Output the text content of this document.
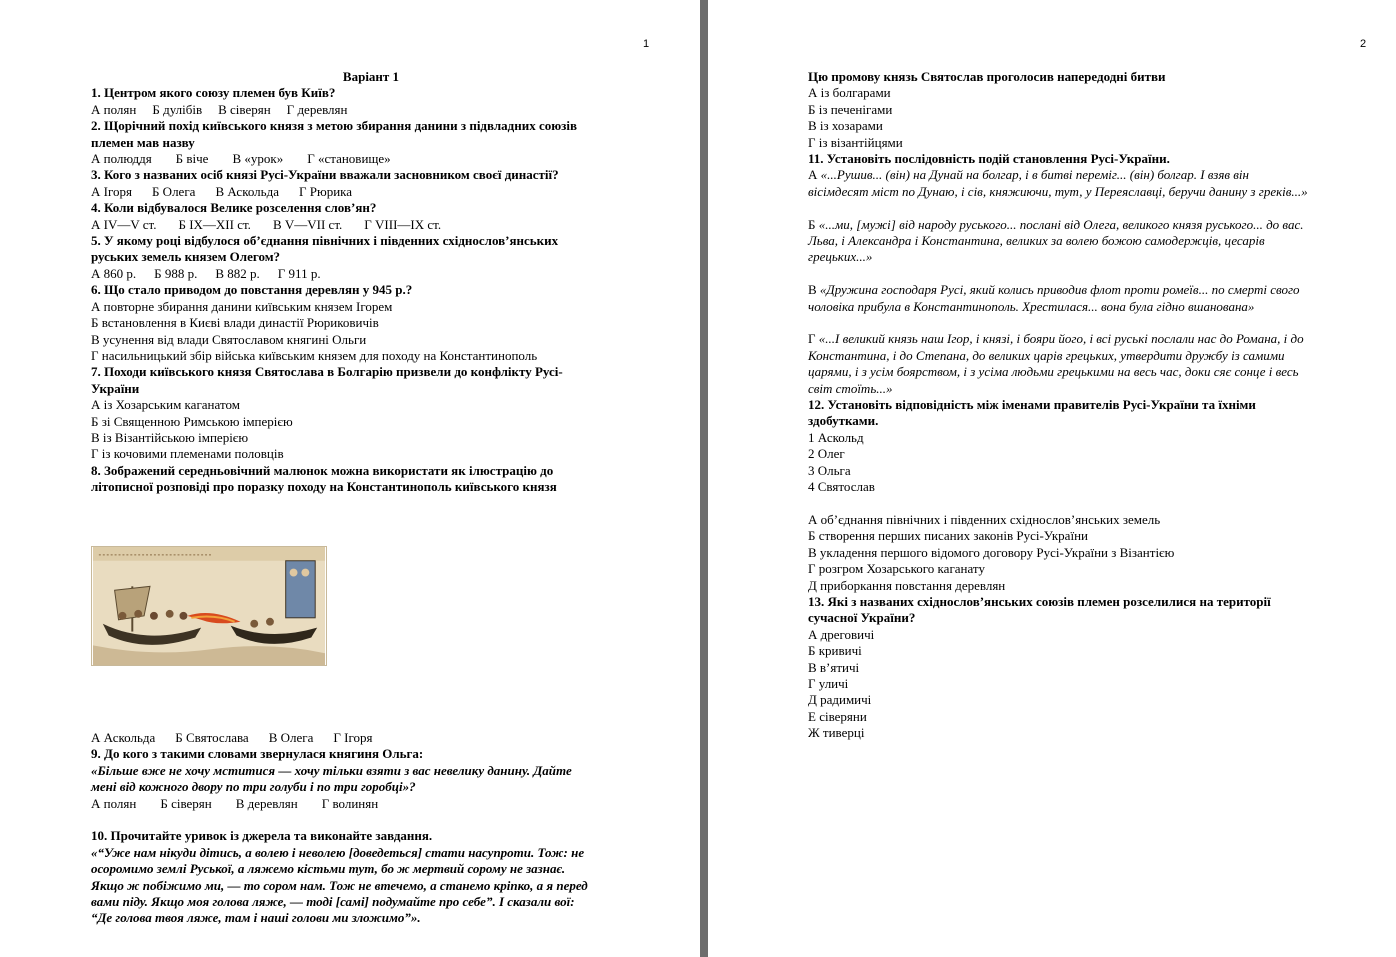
1
Варіант 1
1. Центром якого союзу племен був Київ?
А полян Б дулібів В сіверян Г деревлян
2. Щорічний похід київського князя з метою збирання данини з підвладних союзів
племен мав назву
А полюддя Б віче В «урок» Г «становище»
3. Кого з названих осіб князі Русі-України вважали засновником своєї династії?
А Ігоря Б Олега В Аскольда Г Рюрика
4. Коли відбувалося Велике розселення слов’ян?
А IV—V ст. Б IX—XII ст. В V—VII ст. Г VIII—IX ст.
5. У якому році відбулося об’єднання північних і південних східнослов’янських
руських земель князем Олегом?
А 860 р. Б 988 р. В 882 р. Г 911 р.
6. Що стало приводом до повстання деревлян у 945 р.?
А повторне збирання данини київським князем Ігорем
Б встановлення в Києві влади династії Рюриковичів
В усунення від влади Святославом княгині Ольги
Г насильницький збір війська київським князем для походу на Константинополь
7. Походи київського князя Святослава в Болгарію призвели до конфлікту Русі-
України
А із Хозарським каганатом
Б зі Священною Римською імперією
В із Візантійською імперією
Г із кочовими племенами половців
8. Зображений середньовічний малюнок можна використати як ілюстрацію до
літописної розповіді про поразку походу на Константинополь київського князя
А Аскольда Б Святослава В Олега Г Ігоря
9. До кого з такими словами звернулася княгиня Ольга:
«Більше вже не хочу мститися — хочу тільки взяти з вас невелику данину. Дайте
мені від кожного двору по три голуби і по три горобці»?
А полян Б сіверян В деревлян Г волинян
10. Прочитайте уривок із джерела та виконайте завдання.
«“Уже нам нікуди дітись, а волею і неволею [доведеться] стати насупроти. Тож: не
осоромимо землі Руської, а ляжемо кістьми тут, бо ж мертвий сорому не зазнає.
Якщо ж побіжимо ми, — то сором нам. Тож не втечемо, а станемо кріпко, а я перед
вами піду. Якщо моя голова ляже, — тоді [самі] подумайте про себе”. І сказали вої:
“Де голова твоя ляже, там і наші голови ми зложимо”».
2
Цю промову князь Святослав проголосив напередодні битви
А із болгарами
Б із печенігами
В із хозарами
Г із візантійцями
11. Установіть послідовність подій становлення Русі-України.
А «...Рушив... (він) на Дунай на болгар, і в битві переміг... (він) болгар. І взяв він
вісімдесят міст по Дунаю, і сів, княжиючи, тут, у Переяславці, беручи данину з греків...»
Б «...ми, [мужі] від народу руського... послані від Олега, великого князя руського... до вас.
Льва, і Александра і Константина, великих за волею божою самодержців, цесарів
грецьких...»
В «Дружина господаря Русі, який колись приводив флот проти ромеїв... по смерті свого
чоловіка прибула в Константинополь. Хрестилася... вона була гідно вшанована»
Г «...І великий князь наш Ігор, і князі, і бояри його, і всі руські послали нас до Романа, і до
Константина, і до Степана, до великих царів грецьких, утвердити дружбу із самими
царями, і з усім боярством, і з усіма людьми грецькими на весь час, доки сяє сонце і весь
світ стоїть...»
12. Установіть відповідність між іменами правителів Русі-України та їхніми
здобутками.
1 Аскольд
2 Олег
3 Ольга
4 Святослав
А об’єднання північних і південних східнослов’янських земель
Б створення перших писаних законів Русі-України
В укладення першого відомого договору Русі-України з Візантією
Г розгром Хозарського каганату
Д приборкання повстання деревлян
13. Які з названих східнослов’янських союзів племен розселилися на території
сучасної України?
А дреговичі
Б кривичі
В в’ятичі
Г уличі
Д радимичі
Е сіверяни
Ж тиверці
